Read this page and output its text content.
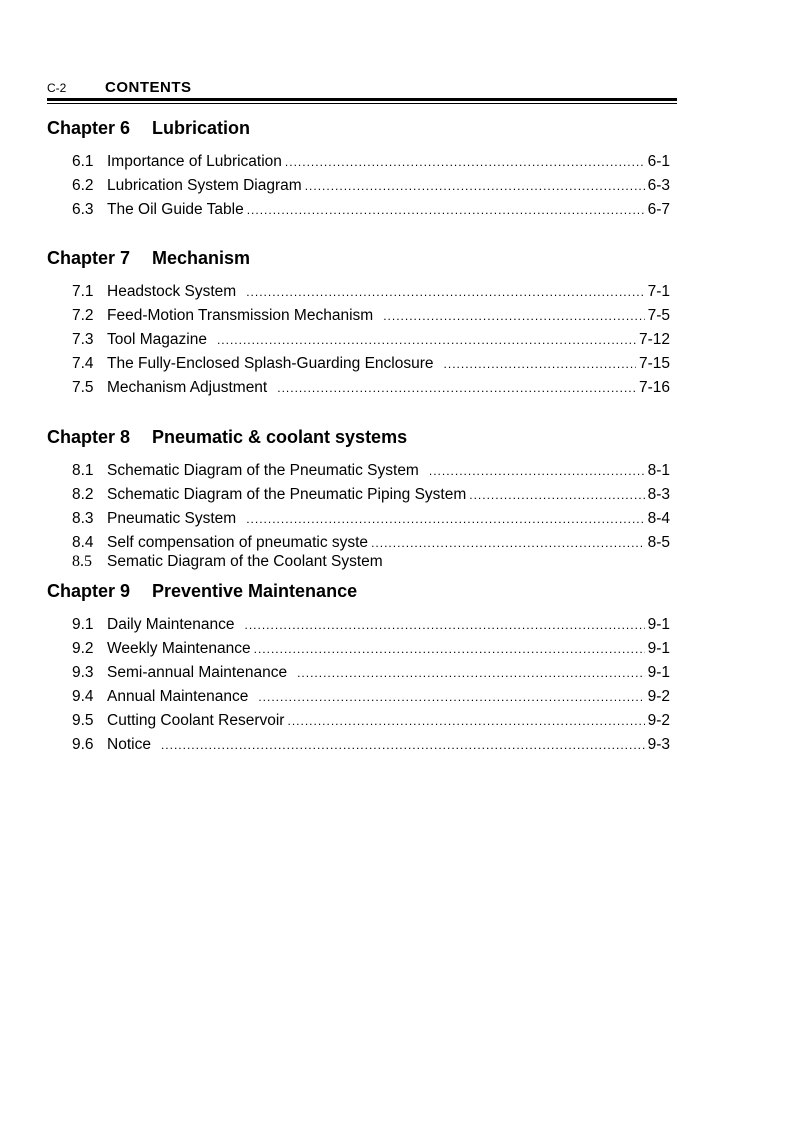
C-2	CONTENTS
Chapter 6 Lubrication
6.1 Importance of Lubrication .....	6-1
6.2 Lubrication System Diagram .....	6-3
6.3 The Oil Guide Table .....	6-7
Chapter 7 Mechanism
7.1 Headstock System .....	7-1
7.2 Feed-Motion Transmission Mechanism .....	7-5
7.3 Tool Magazine .....	7-12
7.4 The Fully-Enclosed Splash-Guarding Enclosure .....	7-15
7.5 Mechanism Adjustment .....	7-16
Chapter 8 Pneumatic & coolant systems
8.1 Schematic Diagram of the Pneumatic System .....	8-1
8.2 Schematic Diagram of the Pneumatic Piping System .....	8-3
8.3 Pneumatic System .....	8-4
8.4 Self compensation of pneumatic syste .....	8-5
8.5 Sematic Diagram of the Coolant System
Chapter 9 Preventive Maintenance
9.1 Daily Maintenance .....	9-1
9.2 Weekly Maintenance .....	9-1
9.3 Semi-annual Maintenance .....	9-1
9.4 Annual Maintenance .....	9-2
9.5 Cutting Coolant Reservoir .....	9-2
9.6 Notice .....	9-3
